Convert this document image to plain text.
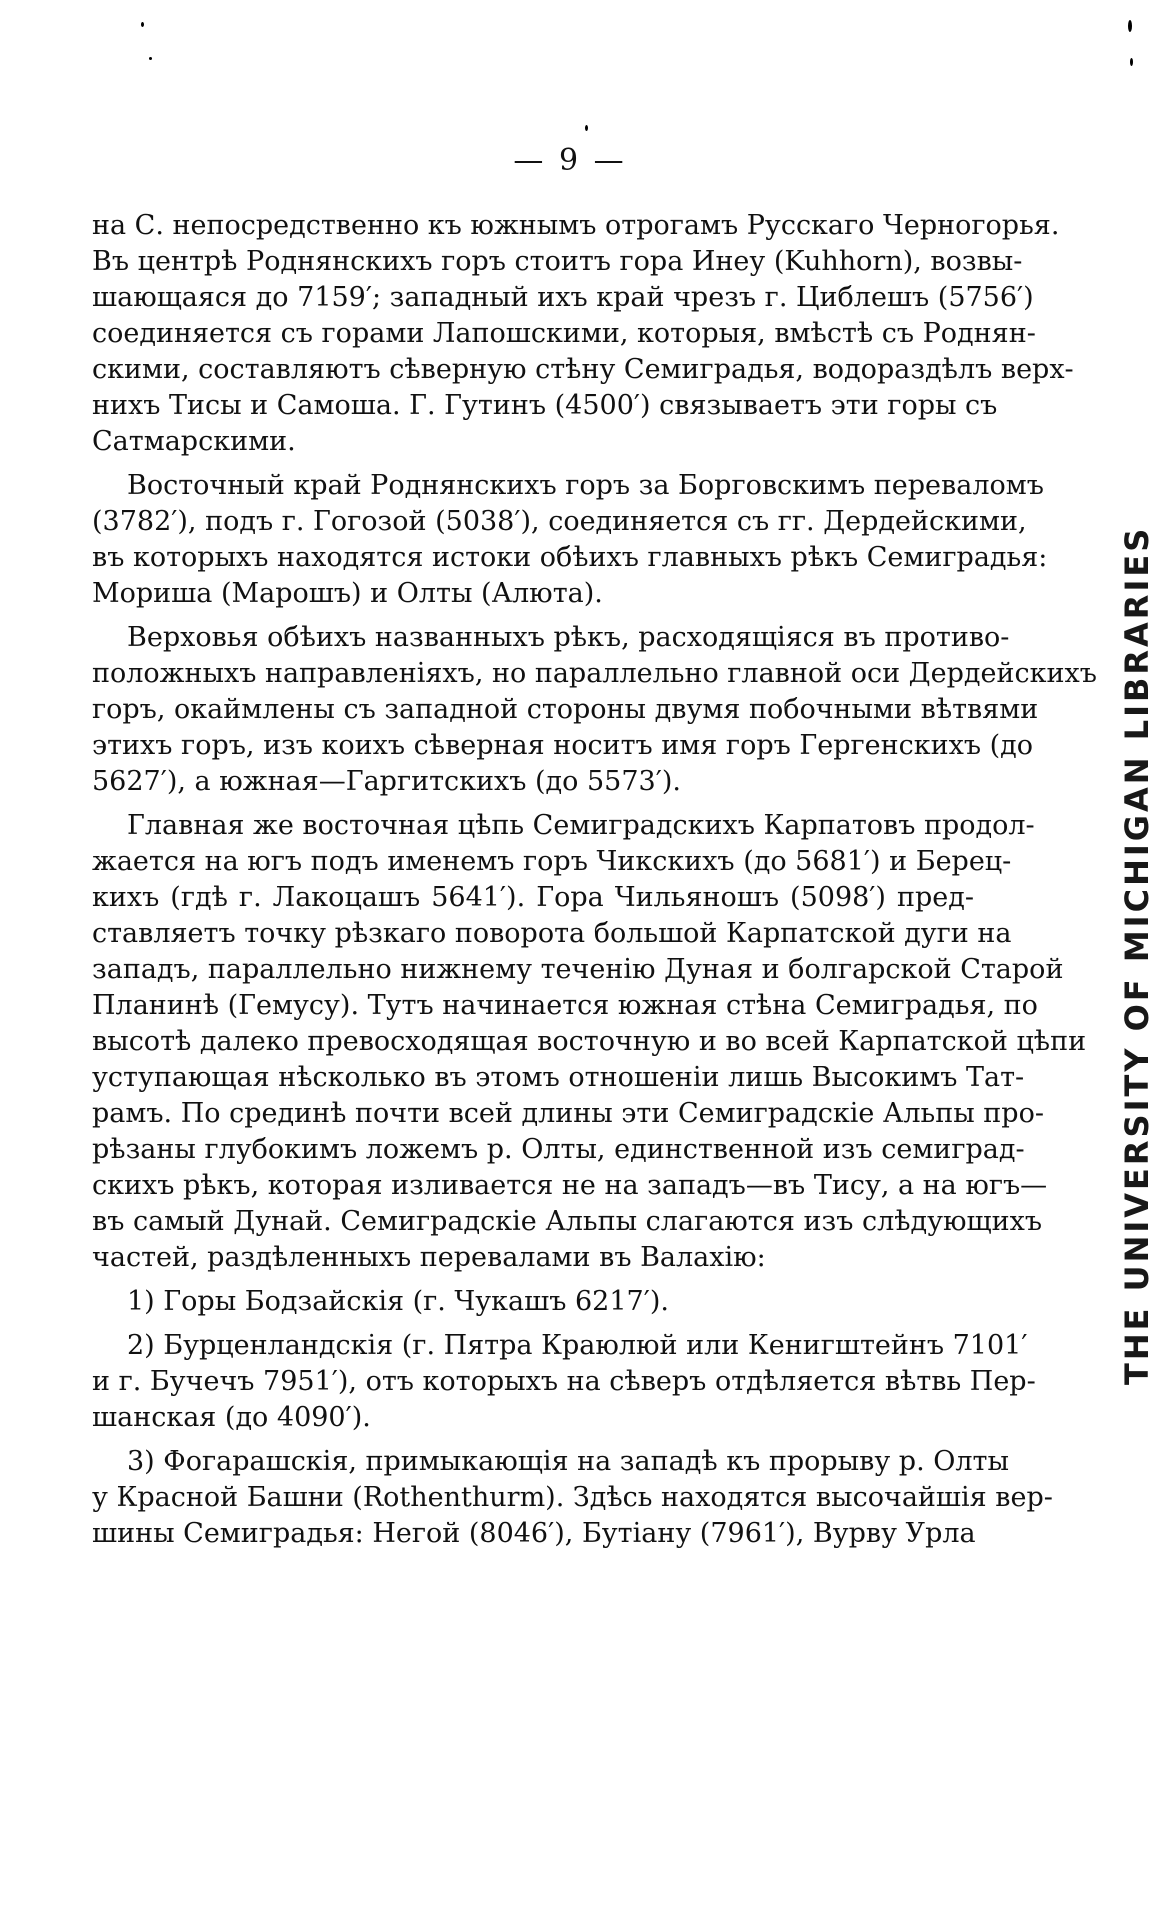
— 9 —
на С. непосредственно къ южнымъ отрогамъ Русскаго Черногорья.
Въ центрѣ Роднянскихъ горъ стоитъ гора Инеу (Kuhhorn), возвы-
шающаяся до 7159′; западный ихъ край чрезъ г. Циблешъ (5756′)
соединяется съ горами Лапошскими, которыя, вмѣстѣ съ Роднян-
скими, составляютъ сѣверную стѣну Семиградья, водораздѣлъ верх-
нихъ Тисы и Самоша. Г. Гутинъ (4500′) связываетъ эти горы съ
Сатмарскими.
Восточный край Роднянскихъ горъ за Борговскимъ переваломъ
(3782′), подъ г. Гогозой (5038′), соединяется съ гг. Дердейскими,
въ которыхъ находятся истоки обѣихъ главныхъ рѣкъ Семиградья:
Мориша (Марошъ) и Олты (Алюта).
Верховья обѣихъ названныхъ рѣкъ, расходящіяся въ противо-
положныхъ направленіяхъ, но параллельно главной оси Дердейскихъ
горъ, окаймлены съ западной стороны двумя побочными вѣтвями
этихъ горъ, изъ коихъ сѣверная носитъ имя горъ Гергенскихъ (до
5627′), а южная—Гаргитскихъ (до 5573′).
Главная же восточная цѣпь Семиградскихъ Карпатовъ продол-
жается на югъ подъ именемъ горъ Чикскихъ (до 5681′) и Берец-
кихъ (гдѣ г. Лакоцашъ 5641′). Гора Чильяношъ (5098′) пред-
ставляетъ точку рѣзкаго поворота большой Карпатской дуги на
западъ, параллельно нижнему теченію Дуная и болгарской Старой
Планинѣ (Гемусу). Тутъ начинается южная стѣна Семиградья, по
высотѣ далеко превосходящая восточную и во всей Карпатской цѣпи
уступающая нѣсколько въ этомъ отношеніи лишь Высокимъ Тат-
рамъ. По срединѣ почти всей длины эти Семиградскіе Альпы про-
рѣзаны глубокимъ ложемъ р. Олты, единственной изъ семиград-
скихъ рѣкъ, которая изливается не на западъ—въ Тису, а на югъ—
въ самый Дунай. Семиградскіе Альпы слагаются изъ слѣдующихъ
частей, раздѣленныхъ перевалами въ Валахію:
1) Горы Бодзайскія (г. Чукашъ 6217′).
2) Бурценландскія (г. Пятра Краюлюй или Кенигштейнъ 7101′
и г. Бучечъ 7951′), отъ которыхъ на сѣверъ отдѣляется вѣтвь Пер-
шанская (до 4090′).
3) Фогарашскія, примыкающія на западѣ къ прорыву р. Олты
у Красной Башни (Rothenthurm). Здѣсь находятся высочайшія вер-
шины Семиградья: Негой (8046′), Бутіану (7961′), Вурву Урла
THE UNIVERSITY OF MICHIGAN LIBRARIES
